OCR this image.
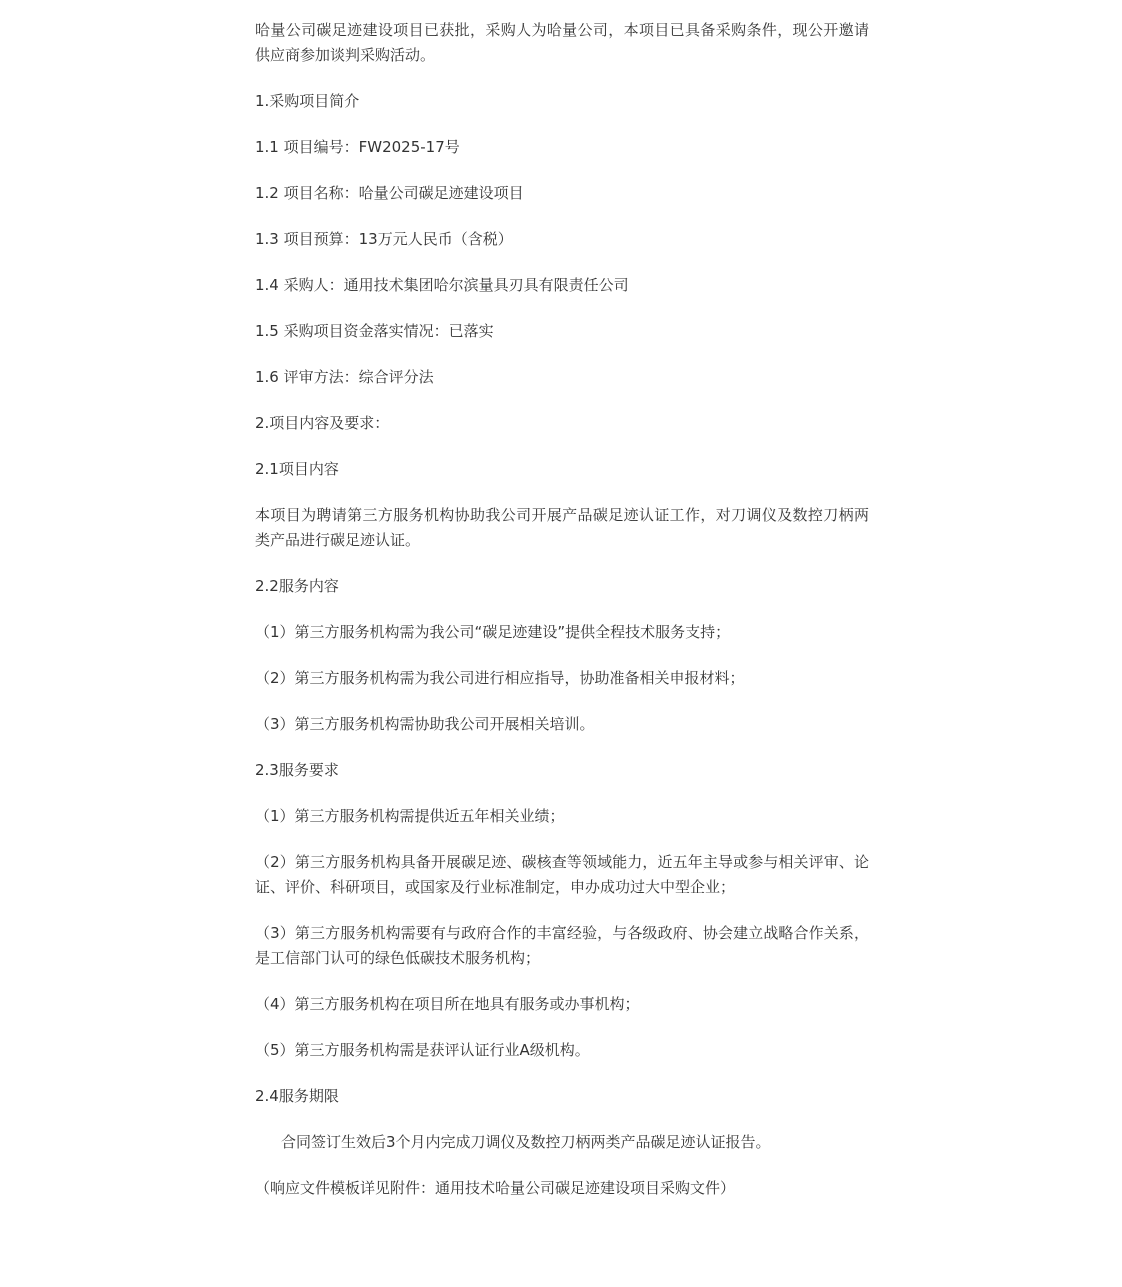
哈量公司碳足迹建设项目已获批，采购人为哈量公司，本项目已具备采购条件，现公开邀请供应商参加谈判采购活动。

1.采购项目简介

1.1 项目编号：FW2025-17号

1.2 项目名称：哈量公司碳足迹建设项目

1.3 项目预算：13万元人民币（含税）

1.4 采购人：通用技术集团哈尔滨量具刃具有限责任公司

1.5 采购项目资金落实情况：已落实

1.6 评审方法：综合评分法

2.项目内容及要求：

2.1项目内容

本项目为聘请第三方服务机构协助我公司开展产品碳足迹认证工作，对刀调仪及数控刀柄两类产品进行碳足迹认证。

2.2服务内容

（1）第三方服务机构需为我公司“碳足迹建设”提供全程技术服务支持；

（2）第三方服务机构需为我公司进行相应指导，协助准备相关申报材料；

（3）第三方服务机构需协助我公司开展相关培训。

2.3服务要求

（1）第三方服务机构需提供近五年相关业绩；

（2）第三方服务机构具备开展碳足迹、碳核查等领域能力，近五年主导或参与相关评审、论证、评价、科研项目，或国家及行业标准制定，申办成功过大中型企业；

（3）第三方服务机构需要有与政府合作的丰富经验，与各级政府、协会建立战略合作关系，是工信部门认可的绿色低碳技术服务机构；

（4）第三方服务机构在项目所在地具有服务或办事机构；

（5）第三方服务机构需是获评认证行业A级机构。

2.4服务期限

合同签订生效后3个月内完成刀调仪及数控刀柄两类产品碳足迹认证报告。

（响应文件模板详见附件：通用技术哈量公司碳足迹建设项目采购文件）
